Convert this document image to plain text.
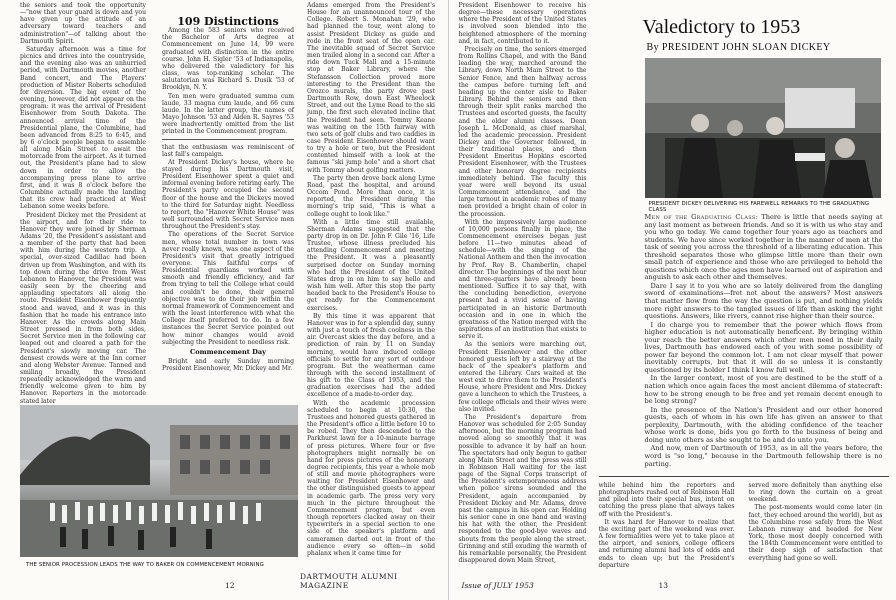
the seniors and took the opportunity—"now that your guard is down and you have given up the attitude of an adversary toward teachers and administration"—of talking about the Dartmouth Spirit.

Saturday afternoon was a time for picnics and drives into the countryside, and the evening also was an unhurried period, with Dartmouth movies, another Band concert, and The Players' production of Mister Roberts scheduled for diversion. The big event of the evening, however, did not appear on the program: it was the arrival of President Eisenhower from South Dakota. The announced arrival time of the Presidential plane, the Columbine, had been advanced from 8:25 to 6:45, and by 6 o'clock people began to assemble all along Main Street to await the motorcade from the airport. As it turned out, the President's plane had to slow down in order to allow the accompanying press plane to arrive first, and it was 8 o'clock before the Columbine actually made the landing that its crew had practiced at West Lebanon some weeks before.

President Dickey met the President at the airport, and for their ride to Hanover they were joined by Sherman Adams '20, the President's assistant and a member of the party that had been with him during the western trip. A special, over-sized Cadillac had been driven up from Washington, and with its top down during the drive from West Lebanon to Hanover, the President was easily seen by the cheering and applauding spectators all along the route. President Eisenhower frequently stood and waved, and it was in this fashion that he made his entrance into Hanover. As the crowds along Main Street pressed in from both sides, Secret Service men in the following car leaped out and cleared a path for the President's slowly moving car. The densest crowds were at the Inn corner and along Webster Avenue. Tanned and smiling broadly, the President repeatedly acknowledged the warm and friendly welcome given to him by Hanover. Reporters in the motorcade stated later

109 Distinctions

Among the 583 seniors who received the Bachelor of Arts degree at Commencement on June 14, 99 were graduated with distinction in the entire course. John H. Sigler '53 of Indianapolis, who delivered the valedictory for his class, was top-ranking scholar. The salutatorian was Richard S. Dusik '53 of Brooklyn, N. Y.

Ten men were graduated summa cum laude, 33 magna cum laude, and 66 cum laude. In the latter group, the names of Mayo Johnson '53 and Alden R. Sayres '53 were inadvertently omitted from the list printed in the Commencement program.

that the enthusiasm was reminiscent of last fall's campaign.

At President Dickey's house, where he stayed during his Dartmouth visit, President Eisenhower spent a quiet and informal evening before retiring early. The President's party occupied the second floor of the house and the Dickeys moved to the third for Saturday night. Needless to report, the "Hanover White House" was well surrounded with Secret Service men throughout the President's stay.

The operations of the Secret Service men, whose total number in town was never really known, was one aspect of the President's visit that greatly intrigued everyone. This faithful corps of Presidential guardians worked with smooth and friendly efficiency, and far from trying to tell the College what could and couldn't be done, their general objective was to do their job within the normal framework of Commencement and with the least interference with what the College itself preferred to do. In a few instances the Secret Service pointed out how minor changes would avoid subjecting the President to needless risk.

Commencement Day

Bright and early Sunday morning President Eisenhower, Mr. Dickey and Mr.

Adams emerged from the President's House for an unannounced tour of the College. Robert S. Monahan '29, who had planned the tour, went along to assist President Dickey as guide and rode in the front seat of the open car. The inevitable squad of Secret Service men trailed along in a second car. After a ride down Tuck Mall and a 15-minute stop at Baker Library, where the Stefansson Collection proved more interesting to the President than the Orozco murals, the party drove past Dartmouth Row, down East Wheelock Street, and out the Lyme Road to the ski jump, the first such elevated incline that the President had seen. Tommy Keane was waiting on the 15th fairway with two sets of golf clubs and two caddies in case President Eisenhower should want to try a hole or two, but the President contented himself with a look at the famous "ski jump hole" and a short chat with Tommy about golfing matters.

The party then drove back along Lyme Road, past the hospital, and around Occom Pond. More than once, it is reported, the President during the morning's trip said, "This is what a college ought to look like."

With a little time still available, Sherman Adams suggested that the party drop in on Dr. John F. Gile '16, Life Trustee, whose illness precluded his attending Commencement and meeting the President. It was a pleasantly surprised doctor on Sunday morning who had the President of the United States drop in on him to say hello and wish him well. After this stop the party headed back to the President's House to get ready for the Commencement exercises.

By this time it was apparent that Hanover was in for a splendid day, sunny with just a touch of fresh coolness in the air. Overcast skies the day before, and a prediction of rain by 11 on Sunday morning, would have induced college officials to settle for any sort of outdoor program. But the weatherman came through with the second installment of his gift to the Class of 1953, and the graduation exercises had the added excellence of a made-to-order day.

With the academic procession scheduled to begin at 10:30, the Trustees and honored guests gathered in the President's office a little before 10 to be robed. They then descended to the Parkhurst lawn for a 10-minute barrage of press pictures. Where four or five photographers might normally be on hand for press pictures of the honorary degree recipients, this year a whole mob of still and movie photographers were waiting for President Eisenhower and the other distinguished guests to appear in academic garb. The press very very much in the picture throughout the Commencement program, but even though reporters clacked away on their typewriters in a special section to one side of the speaker's platform and cameramen darted out in front of the audience every so often—in solid phalanx when it came time for

THE SENIOR PROCESSION LEADS THE WAY TO BAKER ON COMMENCEMENT MORNING
12
DARTMOUTH ALUMNI MAGAZINE

President Eisenhower to receive his degree—these necessary operations where the President of the United States is involved soon blended into the heightened atmosphere of the morning and, in fact, contributed to it.

Precisely on time, the seniors emerged from Rollins Chapel, and with the Band leading the way, marched around the Library, down North Main Street to the Senior Fence, and then halfway across the campus before turning left and heading up the center aisle to Baker Library. Behind the seniors and then through their split ranks marched the Trustees and escorted guests, the faculty and the older alumni classes. Dean Joseph L. McDonald, as chief marshal, led the academic procession. President Dickey and the Governor followed, in their traditional places, and then President Emeritus Hopkins escorted President Eisenhower, with the Trustees and other honorary degree recipients immediately behind. The faculty this year were well beyond its usual Commencement attendance, and the large turnout in academic robes of many men provided a bright chain of color in the procession.

With the impressively large audience of 10,000 persons finally in place, the Commencement exercises began just before 11—two minutes ahead of schedule—with the singing of the National Anthem and then the invocation by Prof. Roy B. Chamberlin, chapel director. The beginnings of the next hour and three-quarters have already been mentioned. Suffice it to say that, with the concluding benediction, everyone present had a vivid sense of having participated in an historic Dartmouth occasion and in one in which the greatness of the Nation merged with the aspirations of an institution that exists to serve it.

As the seniors were marching out, President Eisenhower and the other honored guests left by a stairway at the back of the speaker's platform and entered the Library. Cars waited at the west exit to drive them to the President's House, where President and Mrs. Dickey gave a luncheon to which the Trustees, a few college officials and their wives were also invited.

The President's departure from Hanover was scheduled for 2:05 Sunday afternoon, but the morning program had moved along so smoothly that it was possible to advance it by half an hour. The spectators had only begun to gather along Main Street and the press was still in Robinson Hall waiting for the last page of the Signal Corps transcript of the President's extemporaneous address when police sirens sounded and the President, again accompanied by President Dickey and Mr. Adams, drove past the campus in his open car. Holding his senior cane in one hand and waving his hat with the other, the President responded to the good-bye waves and shouts from the people along the street. Grinning and still exuding the warmth of his remarkable personality, the President disappeared down Main Street,

Valedictory to 1953
By PRESIDENT JOHN SLOAN DICKEY
PRESIDENT DICKEY DELIVERING HIS FAREWELL REMARKS TO THE GRADUATING CLASS

Men of the Graduating Class: There is little that needs saying at any last moment as between friends. And so it is with us who stay and you who go today. We came together four years ago as teachers and students. We have since worked together in the manner of men at the task of seeing you across the threshold of a liberating education. This threshold separates those who glimpse little more than their own small patch of experience and those who are privileged to behold the questions which once the ages men have learned out of aspiration and anguish to ask each other and themselves.

Dare I say it to you who are so lately delivered from the dangling sword of examinations—fret not about the answers? Most answers that matter flow from the way the question is put, and nothing yields more right answers to the tangled issues of life than asking the right questions. Answers, like rivers, cannot rise higher than their source.

I do charge you to remember that the power which flows from higher education is not automatically beneficent. By bringing within your reach the better answers which other men need in their daily lives, Dartmouth has endowed each of you with some possibility of power far beyond the common lot. I am not clear myself that power inevitably corrupts, but that it will do so unless it is constantly questioned by its holder I think I know full well.

In the larger context, most of you are destined to be the stuff of a nation which once again faces the most ancient dilemma of statecraft: how to be strong enough to be free and yet remain decent enough to be long strong?

In the presence of the Nation's President and our other honored guests, each of whom in his own life has given an answer to that perplexity, Dartmouth, with the abiding confidence of the teacher whose work is done, bids you go forth to the business of being and doing unto others as she sought to be and do unto you.

And now, men of Dartmouth of 1953, as in all the years before, the word is "so long," because in the Dartmouth fellowship there is no parting.

while behind him the reporters and photographers rushed out of Robinson Hall and piled into their special bus, intent on catching the press plane that always takes off with the President's.

It was hard for Hanover to realize that the exciting part of the weekend was over. A few formalities were yet to take place at the airport, and seniors, college officers and returning alumni had lots of odds and ends to clean up; but the President's departure

served more definitely than anything else to ring down the curtain on a great weekend.

The post-moments would come later (in fact, they echoed around the world), but as the Columbine rose safely from the West Lebanon runway and headed for New York, those most deeply concerned with the 184th Commencement were entitled to their deep sigh of satisfaction that everything had gone so well.

Issue of JULY 1953	13
